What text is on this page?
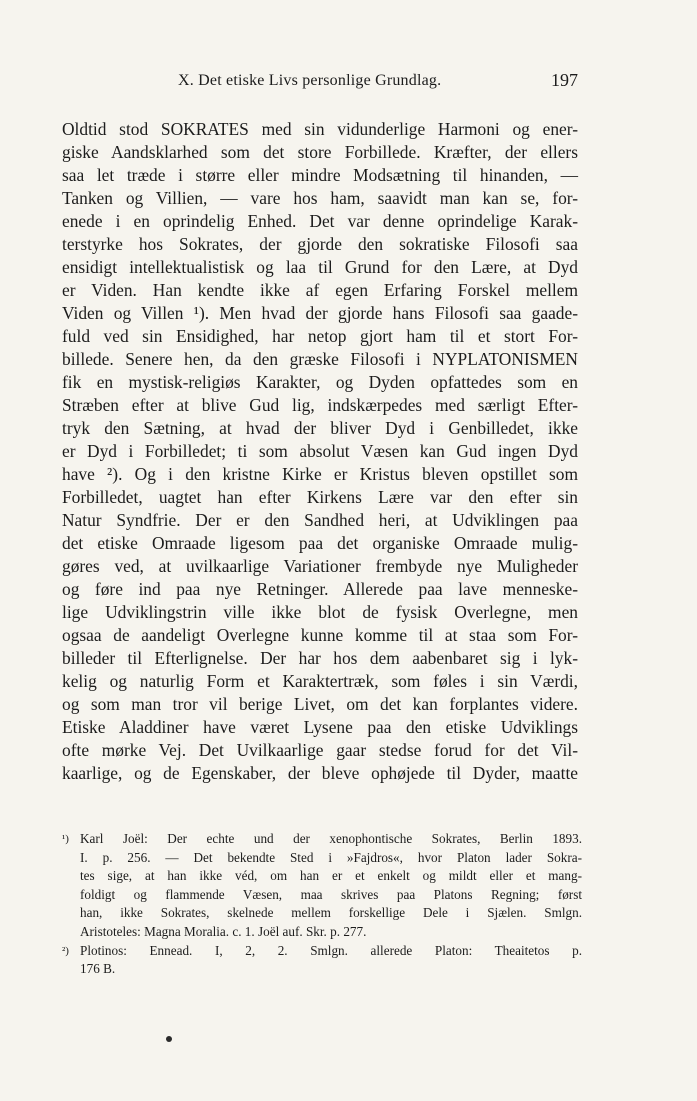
X. Det etiske Livs personlige Grundlag.	197
Oldtid stod SOKRATES med sin vidunderlige Harmoni og ener-
giske Aandsklarhed som det store Forbillede. Kræfter, der ellers
saa let træde i større eller mindre Modsætning til hinanden, —
Tanken og Villien, — vare hos ham, saavidt man kan se, for-
enede i en oprindelig Enhed. Det var denne oprindelige Karak-
terstyrke hos Sokrates, der gjorde den sokratiske Filosofi saa
ensidigt intellektualistisk og laa til Grund for den Lære, at Dyd
er Viden. Han kendte ikke af egen Erfaring Forskel mellem
Viden og Villen ¹). Men hvad der gjorde hans Filosofi saa gaade-
fuld ved sin Ensidighed, har netop gjort ham til et stort For-
billede. Senere hen, da den græske Filosofi i NYPLATONISMEN
fik en mystisk-religiøs Karakter, og Dyden opfattedes som en
Stræben efter at blive Gud lig, indskærpedes med særligt Efter-
tryk den Sætning, at hvad der bliver Dyd i Genbilledet, ikke
er Dyd i Forbilledet; ti som absolut Væsen kan Gud ingen Dyd
have ²). Og i den kristne Kirke er Kristus bleven opstillet som
Forbilledet, uagtet han efter Kirkens Lære var den efter sin
Natur Syndfrie. Der er den Sandhed heri, at Udviklingen paa
det etiske Omraade ligesom paa det organiske Omraade mulig-
gøres ved, at uvilkaarlige Variationer frembyde nye Muligheder
og føre ind paa nye Retninger. Allerede paa lave menneske-
lige Udviklingstrin ville ikke blot de fysisk Overlegne, men
ogsaa de aandeligt Overlegne kunne komme til at staa som For-
billeder til Efterlignelse. Der har hos dem aabenbaret sig i lyk-
kelig og naturlig Form et Karaktertræk, som føles i sin Værdi,
og som man tror vil berige Livet, om det kan forplantes videre.
Etiske Aladdiner have været Lysene paa den etiske Udviklings
ofte mørke Vej. Det Uvilkaarlige gaar stedse forud for det Vil-
kaarlige, og de Egenskaber, der bleve ophøjede til Dyder, maatte
¹) Karl Joël: Der echte und der xenophontische Sokrates, Berlin 1893.
I. p. 256. — Det bekendte Sted i »Fajdros«, hvor Platon lader Sokra-
tes sige, at han ikke véd, om han er et enkelt og mildt eller et mang-
foldigt og flammende Væsen, maa skrives paa Platons Regning; først
han, ikke Sokrates, skelnede mellem forskellige Dele i Sjælen. Smlgn.
Aristoteles: Magna Moralia. c. 1. Joël auf. Skr. p. 277.
²) Plotinos: Ennead. I, 2, 2. Smlgn. allerede Platon: Theaitetos p.
176 B.
